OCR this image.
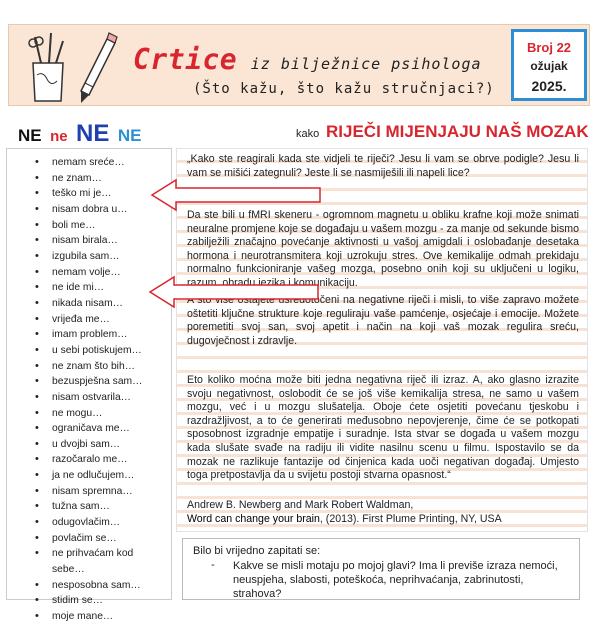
Crtice iz bilježnice psihologa
(Što kažu, što kažu stručnjaci?)
Broj 22
ožujak
2025.
NE ne NE NE	kako RIJEČI MIJENJAJU NAŠ MOZAK
• nemam sreće…
• ne znam…
• teško mi je…
• nisam dobra u…
• boli me…
• nisam birala…
• izgubila sam…
• nemam volje…
• ne ide mi…
• nikada nisam…
• vrijeđa me…
• imam problem…
• u sebi potiskujem…
• ne znam što bih…
• bezuspješna sam…
• nisam ostvarila…
• ne mogu…
• ograničava me…
• u dvojbi sam…
• razočaralo me…
• ja ne odlučujem…
• nisam spremna…
• tužna sam…
• odugovlačim…
• povlačim se…
• ne prihvaćam kod sebe…
• nesposobna sam…
• stidim se…
• moje mane…

„Kako ste reagirali kada ste vidjeli te riječi? Jesu li vam se obrve podigle? Jesu li vam se mišići zategnuli? Jeste li se nasmiješili ili napeli lice?

Da ste bili u fMRI skeneru - ogromnom magnetu u obliku krafne koji može snimati neuralne promjene koje se događaju u vašem mozgu - za manje od sekunde bismo zabilježili značajno povećanje aktivnosti u vašoj amigdali i oslobađanje desetaka hormona i neurotransmitera koji uzrokuju stres. Ove kemikalije odmah prekidaju normalno funkcioniranje vašeg mozga, posebno onih koji su uključeni u logiku, razum, obradu jezika i komunikaciju.

A što više ostajete usredotočeni na negativne riječi i misli, to više zapravo možete oštetiti ključne strukture koje reguliraju vaše pamćenje, osjećaje i emocije. Možete poremetiti svoj san, svoj apetit i način na koji vaš mozak regulira sreću, dugovječnost i zdravlje.

Eto koliko moćna može biti jedna negativna riječ ili izraz. A, ako glasno izrazite svoju negativnost, oslobodit će se još više kemikalija stresa, ne samo u vašem mozgu, već i u mozgu slušatelja. Oboje ćete osjetiti povećanu tjeskobu i razdražljivost, a to će generirati međusobno nepovjerenje, čime će se potkopati sposobnost izgradnje empatije i suradnje. Ista stvar se događa u vašem mozgu kada slušate svađe na radiju ili vidite nasilnu scenu u filmu. Ispostavilo se da mozak ne razlikuje fantazije od činjenica kada uoči negativan događaj. Umjesto toga pretpostavlja da u svijetu postoji stvarna opasnost.“

Andrew B. Newberg and Mark Robert Waldman,
Word can change your brain, (2013). First Plume Printing, NY, USA
Bilo bi vrijedno zapitati se:
- Kakve se misli motaju po mojoj glavi? Ima li previše izraza nemoći, neuspjeha, slabosti, poteškoća, neprihvaćanja, zabrinutosti, strahova?
